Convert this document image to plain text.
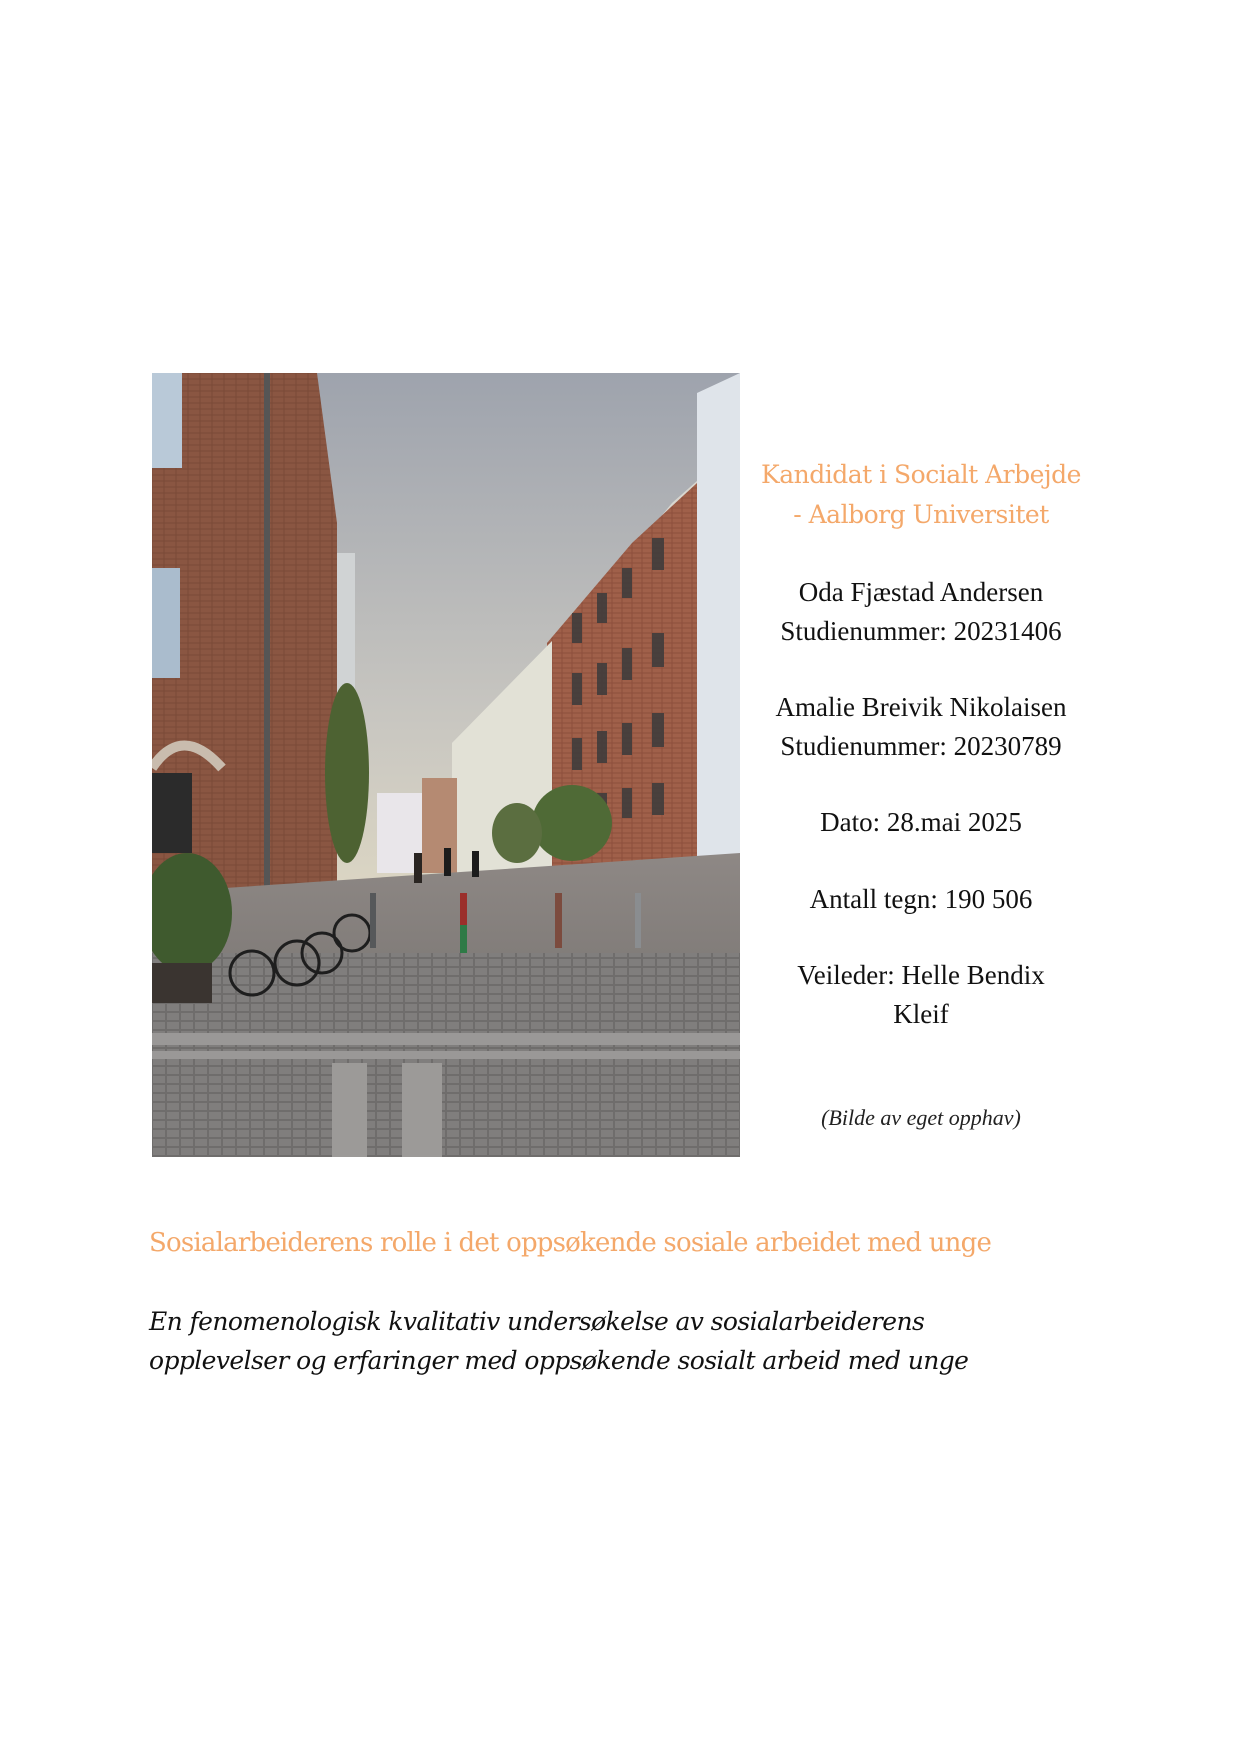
Kandidat i Socialt Arbejde
- Aalborg Universitet
Oda Fjæstad Andersen
Studienummer: 20231406
Amalie Breivik Nikolaisen
Studienummer: 20230789
Dato: 28.mai 2025
Antall tegn: 190 506
Veileder: Helle Bendix
Kleif
(Bilde av eget opphav)
Sosialarbeiderens rolle i det oppsøkende sosiale arbeidet med unge
En fenomenologisk kvalitativ undersøkelse av sosialarbeiderens
opplevelser og erfaringer med oppsøkende sosialt arbeid med unge
